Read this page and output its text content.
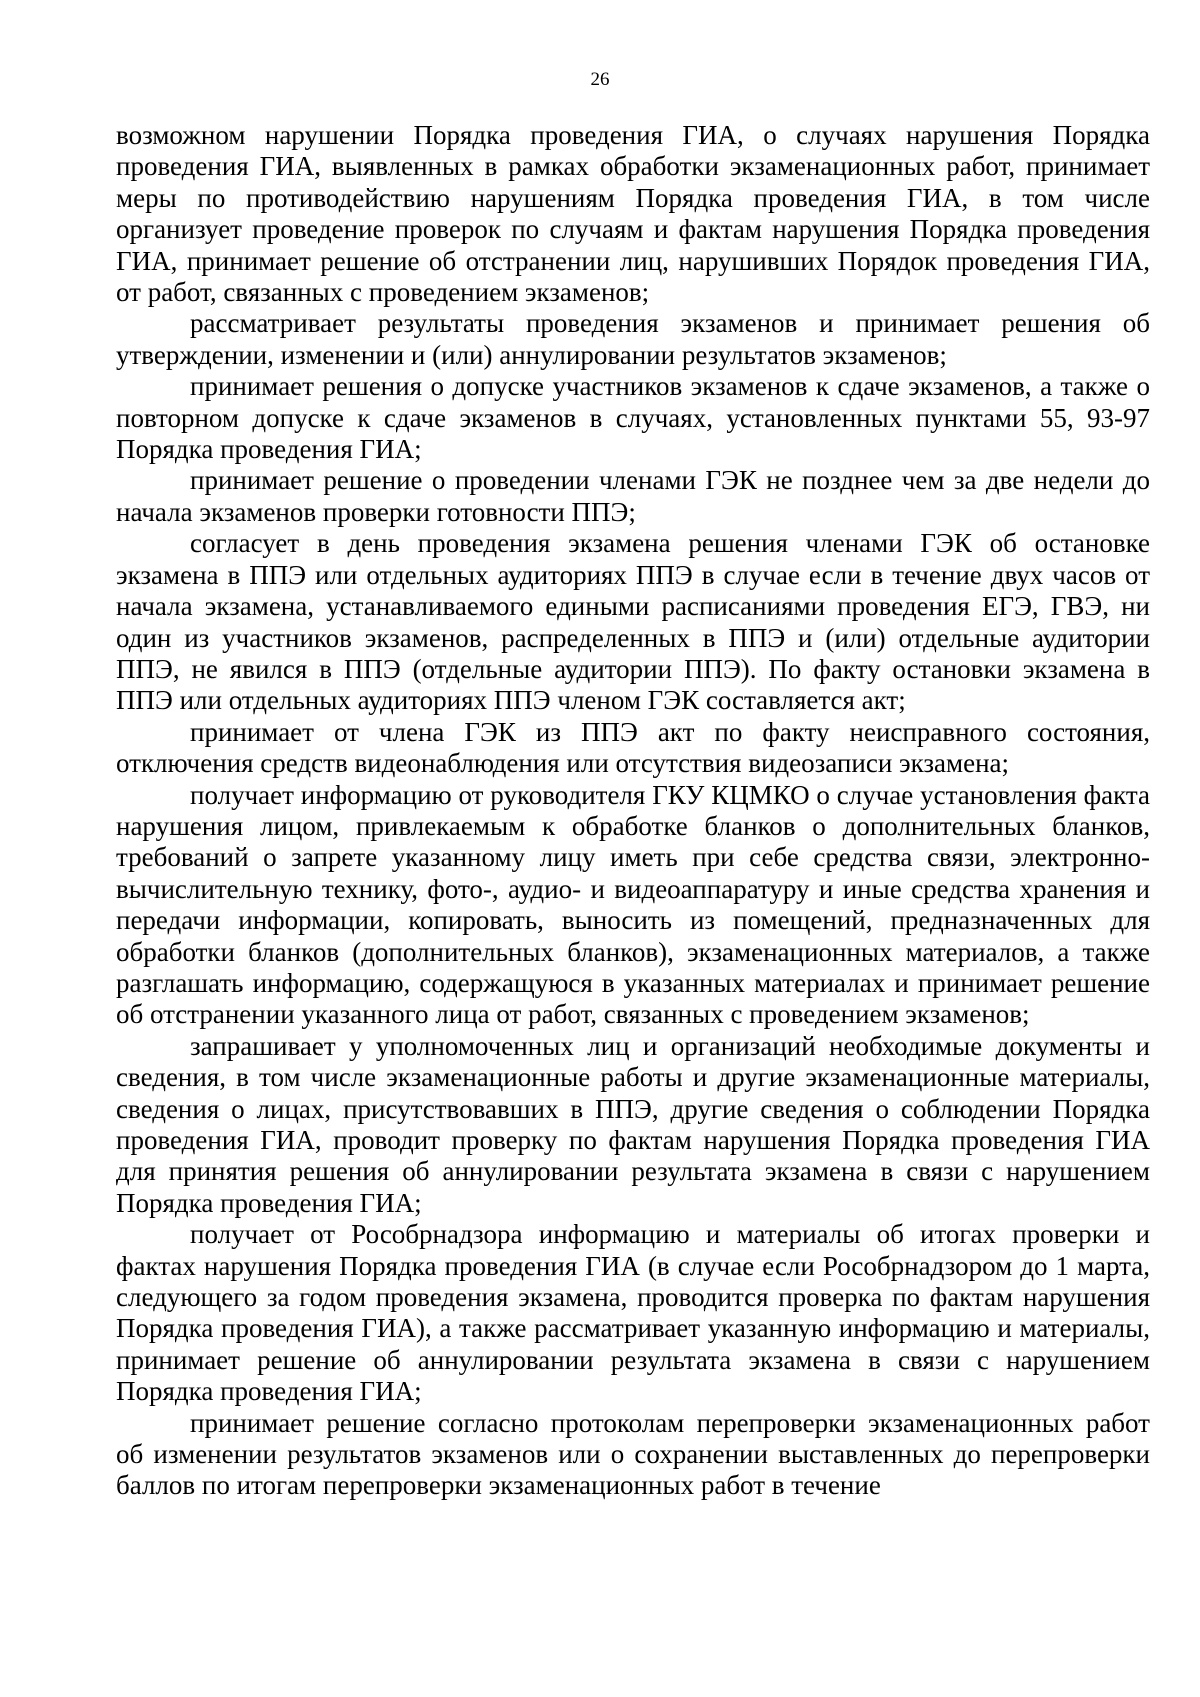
26

возможном нарушении Порядка проведения ГИА, о случаях нарушения Порядка проведения ГИА, выявленных в рамках обработки экзаменационных работ, принимает меры по противодействию нарушениям Порядка проведения ГИА, в том числе организует проведение проверок по случаям и фактам нарушения Порядка проведения ГИА, принимает решение об отстранении лиц, нарушивших Порядок проведения ГИА, от работ, связанных с проведением экзаменов;

рассматривает результаты проведения экзаменов и принимает решения об утверждении, изменении и (или) аннулировании результатов экзаменов;

принимает решения о допуске участников экзаменов к сдаче экзаменов, а также о повторном допуске к сдаче экзаменов в случаях, установленных пунктами 55, 93-97 Порядка проведения ГИА;

принимает решение о проведении членами ГЭК не позднее чем за две недели до начала экзаменов проверки готовности ППЭ;

согласует в день проведения экзамена решения членами ГЭК об остановке экзамена в ППЭ или отдельных аудиториях ППЭ в случае если в течение двух часов от начала экзамена, устанавливаемого едиными расписаниями проведения ЕГЭ, ГВЭ, ни один из участников экзаменов, распределенных в ППЭ и (или) отдельные аудитории ППЭ, не явился в ППЭ (отдельные аудитории ППЭ). По факту остановки экзамена в ППЭ или отдельных аудиториях ППЭ членом ГЭК составляется акт;

принимает от члена ГЭК из ППЭ акт по факту неисправного состояния, отключения средств видеонаблюдения или отсутствия видеозаписи экзамена;

получает информацию от руководителя ГКУ КЦМКО о случае установления факта нарушения лицом, привлекаемым к обработке бланков о дополнительных бланков, требований о запрете указанному лицу иметь при себе средства связи, электронно-вычислительную технику, фото-, аудио- и видеоаппаратуру и иные средства хранения и передачи информации, копировать, выносить из помещений, предназначенных для обработки бланков (дополнительных бланков), экзаменационных материалов, а также разглашать информацию, содержащуюся в указанных материалах и принимает решение об отстранении указанного лица от работ, связанных с проведением экзаменов;

запрашивает у уполномоченных лиц и организаций необходимые документы и сведения, в том числе экзаменационные работы и другие экзаменационные материалы, сведения о лицах, присутствовавших в ППЭ, другие сведения о соблюдении Порядка проведения ГИА, проводит проверку по фактам нарушения Порядка проведения ГИА для принятия решения об аннулировании результата экзамена в связи с нарушением Порядка проведения ГИА;

получает от Рособрнадзора информацию и материалы об итогах проверки и фактах нарушения Порядка проведения ГИА (в случае если Рособрнадзором до 1 марта, следующего за годом проведения экзамена, проводится проверка по фактам нарушения Порядка проведения ГИА), а также рассматривает указанную информацию и материалы, принимает решение об аннулировании результата экзамена в связи с нарушением Порядка проведения ГИА;

принимает решение согласно протоколам перепроверки экзаменационных работ об изменении результатов экзаменов или о сохранении выставленных до перепроверки баллов по итогам перепроверки экзаменационных работ в течение
